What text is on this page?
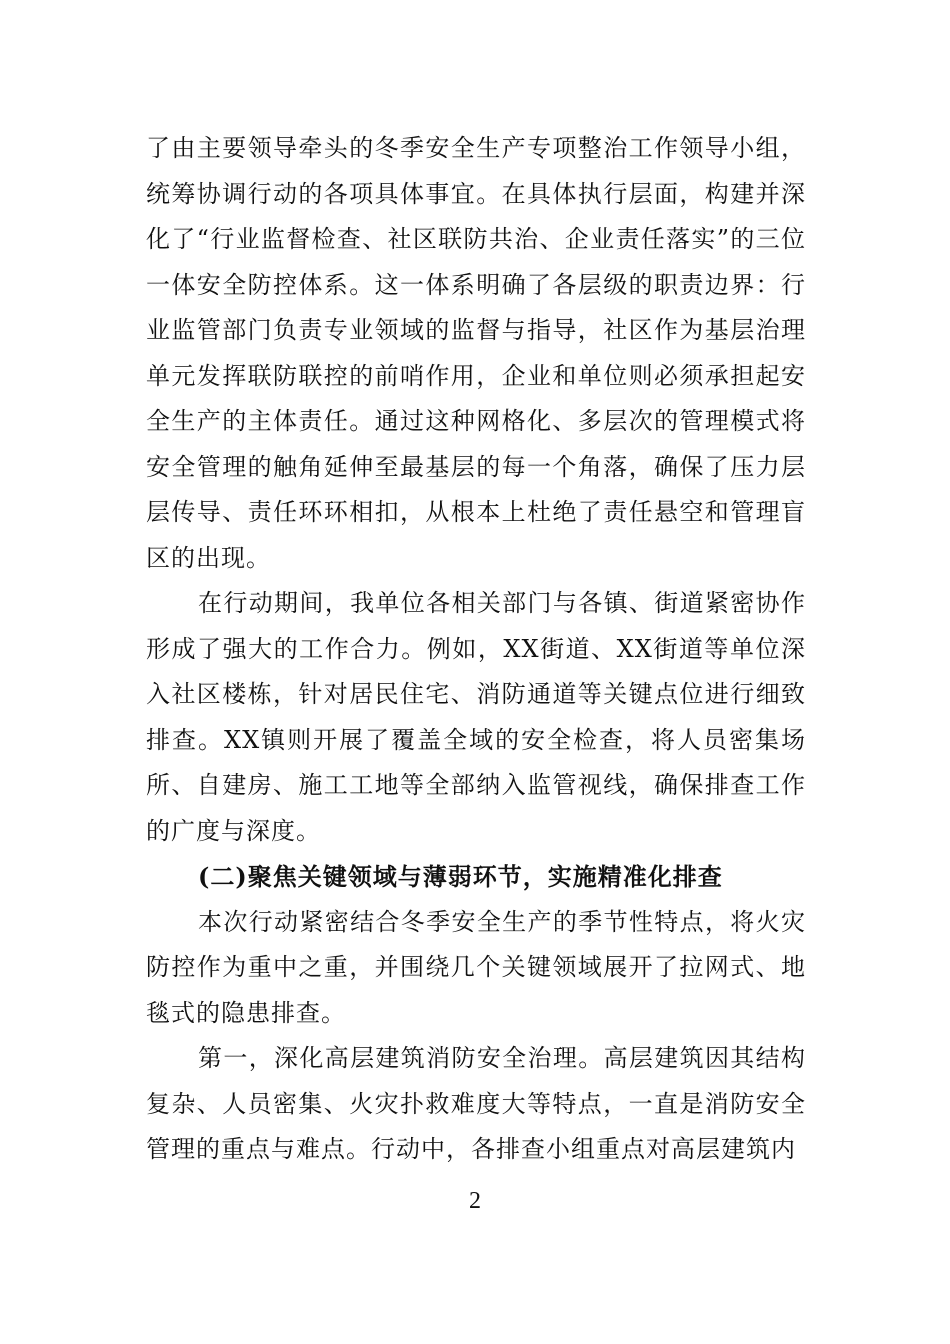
了由主要领导牵头的冬季安全生产专项整治工作领导小组，统筹协调行动的各项具体事宜。在具体执行层面，构建并深化了“行业监督检查、社区联防共治、企业责任落实”的三位一体安全防控体系。这一体系明确了各层级的职责边界：行业监管部门负责专业领域的监督与指导，社区作为基层治理单元发挥联防联控的前哨作用，企业和单位则必须承担起安全生产的主体责任。通过这种网格化、多层次的管理模式将安全管理的触角延伸至最基层的每一个角落，确保了压力层层传导、责任环环相扣，从根本上杜绝了责任悬空和管理盲区的出现。

在行动期间，我单位各相关部门与各镇、街道紧密协作形成了强大的工作合力。例如，XX街道、XX街道等单位深入社区楼栋，针对居民住宅、消防通道等关键点位进行细致排查。XX镇则开展了覆盖全域的安全检查，将人员密集场所、自建房、施工工地等全部纳入监管视线，确保排查工作的广度与深度。

(二)聚焦关键领域与薄弱环节，实施精准化排查

本次行动紧密结合冬季安全生产的季节性特点，将火灾防控作为重中之重，并围绕几个关键领域展开了拉网式、地毯式的隐患排查。

第一，深化高层建筑消防安全治理。高层建筑因其结构复杂、人员密集、火灾扑救难度大等特点，一直是消防安全管理的重点与难点。行动中，各排查小组重点对高层建筑内

2
